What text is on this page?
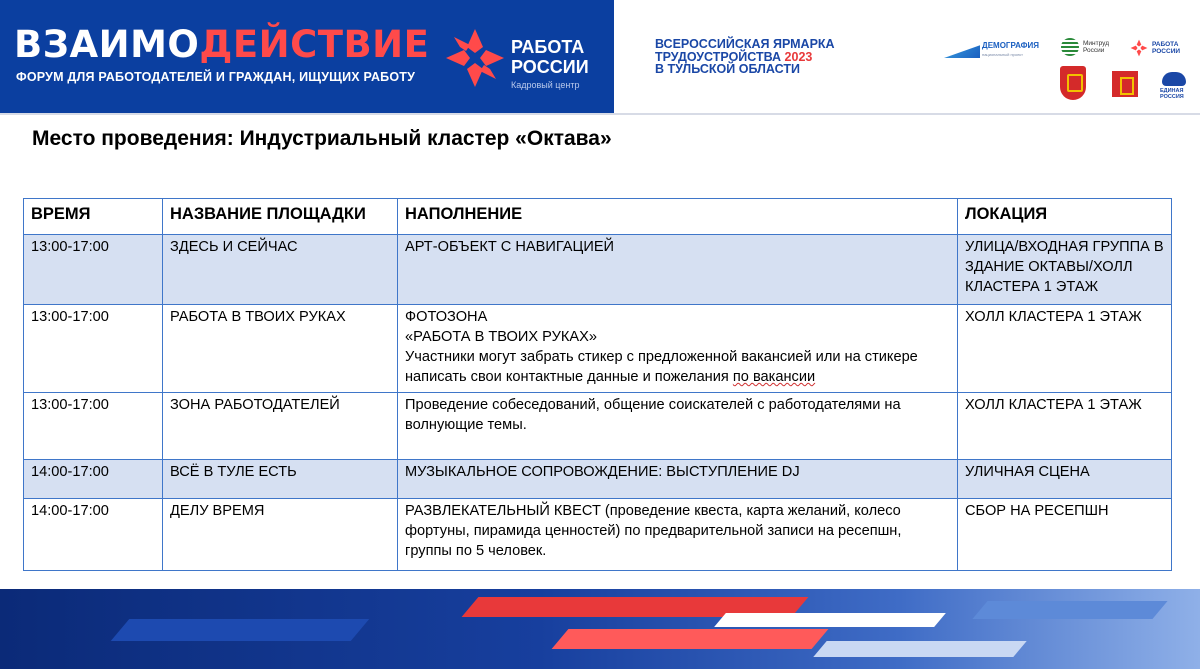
ВЗАИМОДЕЙСТВИЕ
ФОРУМ ДЛЯ РАБОТОДАТЕЛЕЙ И ГРАЖДАН, ИЩУЩИХ РАБОТУ
РАБОТА
РОССИИ
Кадровый центр
ВСЕРОССИЙСКАЯ ЯРМАРКА
ТРУДОУСТРОЙСТВА 2023
В ТУЛЬСКОЙ ОБЛАСТИ
ДЕМОГРАФИЯ
национальный проект
Минтруд
России
РАБОТА
РОССИИ
ЕДИНАЯ
РОССИЯ
Место проведения: Индустриальный кластер «Октава»
ВРЕМЯ	НАЗВАНИЕ ПЛОЩАДКИ	НАПОЛНЕНИЕ	ЛОКАЦИЯ
13:00-17:00	ЗДЕСЬ И СЕЙЧАС	АРТ-ОБЪЕКТ С НАВИГАЦИЕЙ	УЛИЦА/ВХОДНАЯ ГРУППА В ЗДАНИЕ ОКТАВЫ/ХОЛЛ КЛАСТЕРА 1 ЭТАЖ
13:00-17:00	РАБОТА В ТВОИХ РУКАХ	ФОТОЗОНА
«РАБОТА В ТВОИХ РУКАХ»
Участники могут забрать стикер с предложенной вакансией или на стикере написать свои контактные данные и пожелания по вакансии	ХОЛЛ КЛАСТЕРА 1 ЭТАЖ
13:00-17:00	ЗОНА РАБОТОДАТЕЛЕЙ	Проведение собеседований, общение соискателей с работодателями на волнующие темы.	ХОЛЛ КЛАСТЕРА 1 ЭТАЖ
14:00-17:00	ВСЁ В ТУЛЕ ЕСТЬ	МУЗЫКАЛЬНОЕ СОПРОВОЖДЕНИЕ: ВЫСТУПЛЕНИЕ DJ	УЛИЧНАЯ СЦЕНА
14:00-17:00	ДЕЛУ ВРЕМЯ	РАЗВЛЕКАТЕЛЬНЫЙ КВЕСТ (проведение квеста, карта желаний, колесо фортуны, пирамида ценностей) по предварительной записи на ресепшн, группы по 5 человек.	СБОР НА РЕСЕПШН
